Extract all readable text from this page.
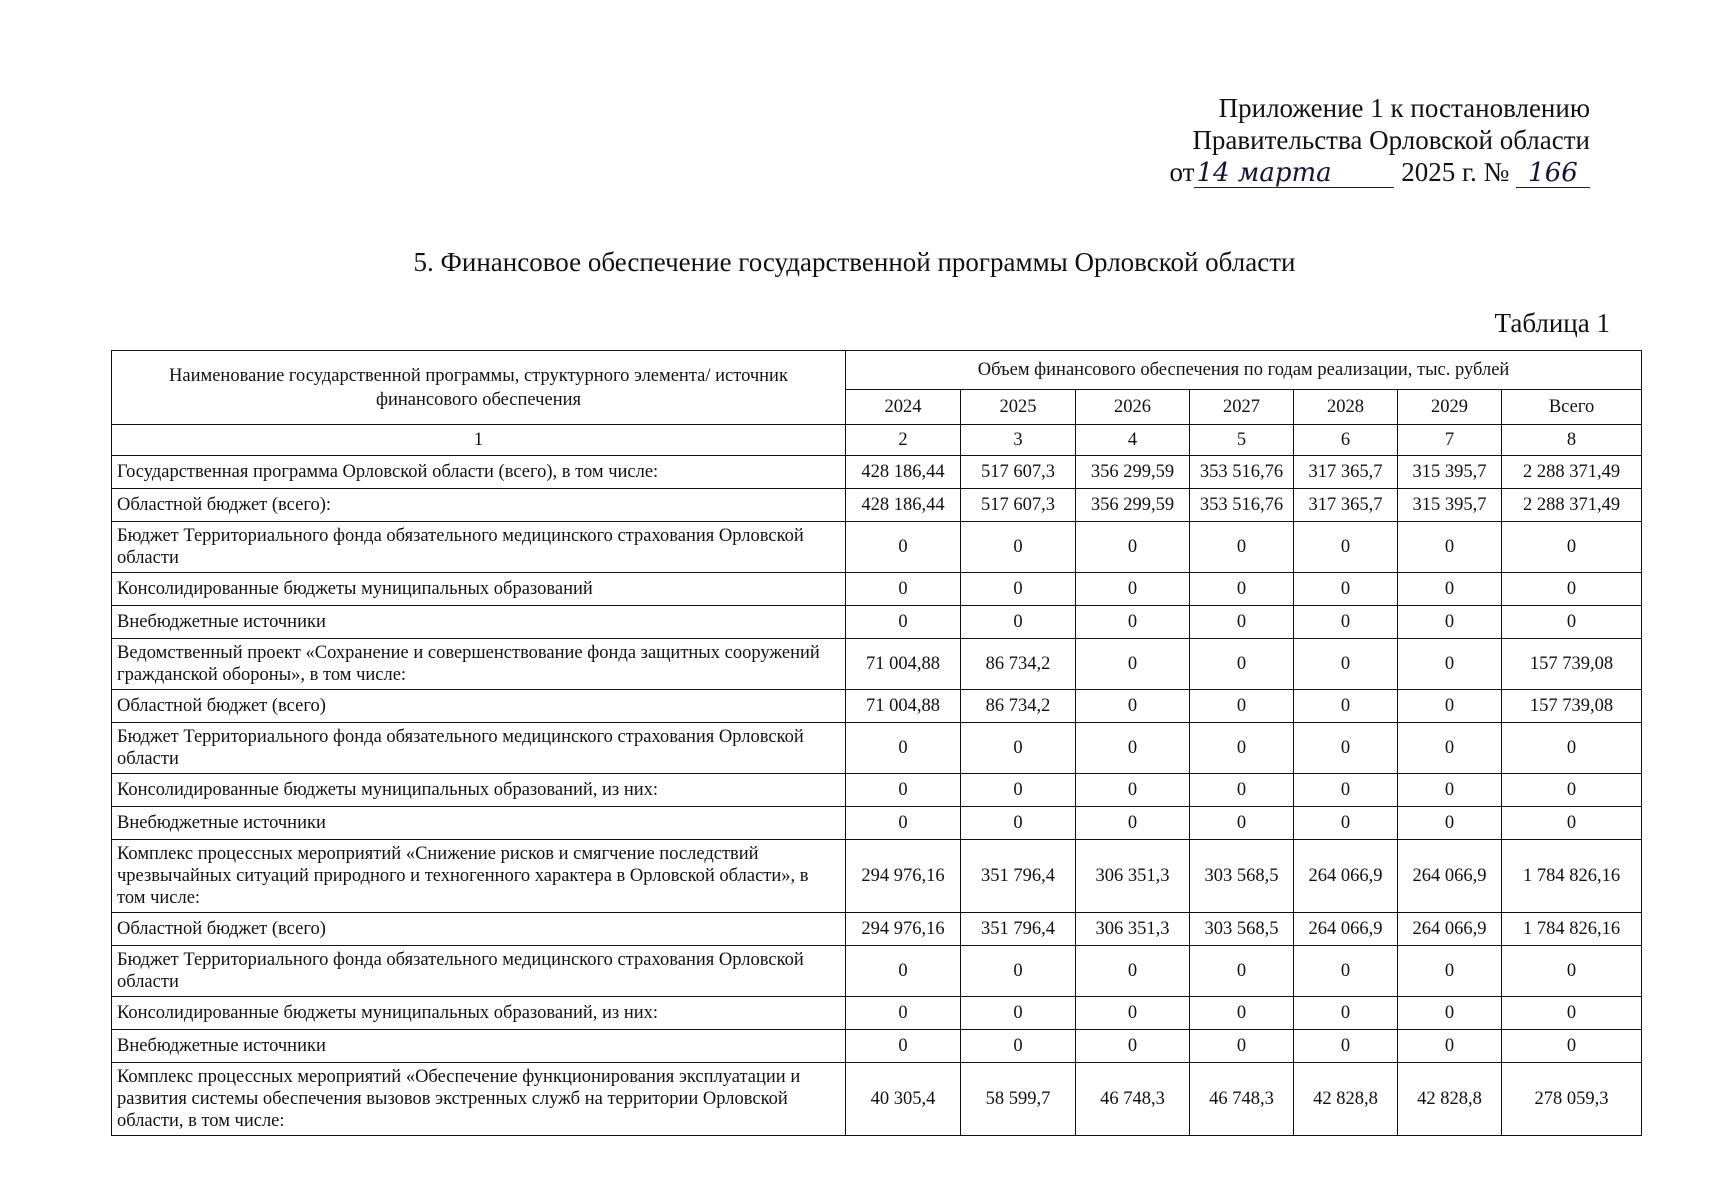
Приложение 1 к постановлению
Правительства Орловской области
от14 марта	2025 г. № 166
5. Финансовое обеспечение государственной программы Орловской области
Таблица 1
Наименование государственной программы, структурного элемента/ источник финансового обеспечения	Объем финансового обеспечения по годам реализации, тыс. рублей						
	2024	2025	2026	2027	2028	2029	Всего
1	2	3	4	5	6	7	8
Государственная программа Орловской области (всего), в том числе:	428 186,44	517 607,3	356 299,59	353 516,76	317 365,7	315 395,7	2 288 371,49
Областной бюджет (всего):	428 186,44	517 607,3	356 299,59	353 516,76	317 365,7	315 395,7	2 288 371,49
Бюджет Территориального фонда обязательного медицинского страхования Орловской области	0	0	0	0	0	0	0
Консолидированные бюджеты муниципальных образований	0	0	0	0	0	0	0
Внебюджетные источники	0	0	0	0	0	0	0
Ведомственный проект «Сохранение и совершенствование фонда защитных сооружений гражданской обороны», в том числе:	71 004,88	86 734,2	0	0	0	0	157 739,08
Областной бюджет (всего)	71 004,88	86 734,2	0	0	0	0	157 739,08
Бюджет Территориального фонда обязательного медицинского страхования Орловской области	0	0	0	0	0	0	0
Консолидированные бюджеты муниципальных образований, из них:	0	0	0	0	0	0	0
Внебюджетные источники	0	0	0	0	0	0	0
Комплекс процессных мероприятий «Снижение рисков и смягчение последствий чрезвычайных ситуаций природного и техногенного характера в Орловской области», в том числе:	294 976,16	351 796,4	306 351,3	303 568,5	264 066,9	264 066,9	1 784 826,16
Областной бюджет (всего)	294 976,16	351 796,4	306 351,3	303 568,5	264 066,9	264 066,9	1 784 826,16
Бюджет Территориального фонда обязательного медицинского страхования Орловской области	0	0	0	0	0	0	0
Консолидированные бюджеты муниципальных образований, из них:	0	0	0	0	0	0	0
Внебюджетные источники	0	0	0	0	0	0	0
Комплекс процессных мероприятий «Обеспечение функционирования эксплуатации и развития системы обеспечения вызовов экстренных служб на территории Орловской области, в том числе:	40 305,4	58 599,7	46 748,3	46 748,3	42 828,8	42 828,8	278 059,3
